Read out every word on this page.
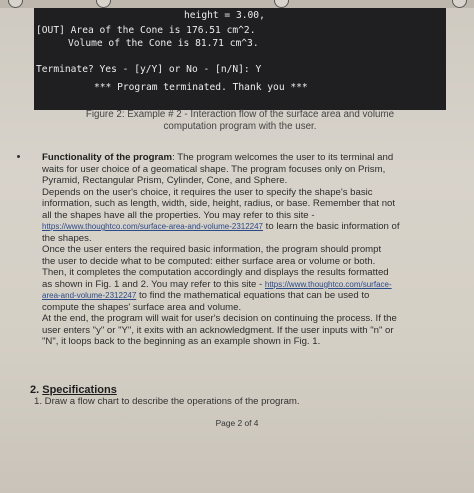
height = 3.00,
[OUT] Area of the Cone is 176.51 cm^2.
Volume of the Cone is 81.71 cm^3.
Terminate? Yes - [y/Y] or No - [n/N]: Y
*** Program terminated. Thank you ***
Figure 2: Example # 2 - Interaction flow of the surface area and volume
computation program with the user.
Functionality of the program: The program welcomes the user to its terminal and
waits for user choice of a geomatical shape. The program focuses only on Prism,
Pyramid, Rectangular Prism, Cylinder, Cone, and Sphere.
Depends on the user's choice, it requires the user to specify the shape's basic
information, such as length, width, side, height, radius, or base. Remember that not
all the shapes have all the properties. You may refer to this site -
https://www.thoughtco.com/surface-area-and-volume-2312247 to learn the basic information of
the shapes.
Once the user enters the required basic information, the program should prompt
the user to decide what to be computed: either surface area or volume or both.
Then, it completes the computation accordingly and displays the results formatted
as shown in Fig. 1 and 2. You may refer to this site - https://www.thoughtco.com/surface-
area-and-volume-2312247 to find the mathematical equations that can be used to
compute the shapes' surface area and volume.
At the end, the program will wait for user's decision on continuing the process. If the
user enters "y" or "Y", it exits with an acknowledgment. If the user inputs with "n" or
"N", it loops back to the beginning as an example shown in Fig. 1.
2. Specifications
1. Draw a flow chart to describe the operations of the program.
Page 2 of 4
